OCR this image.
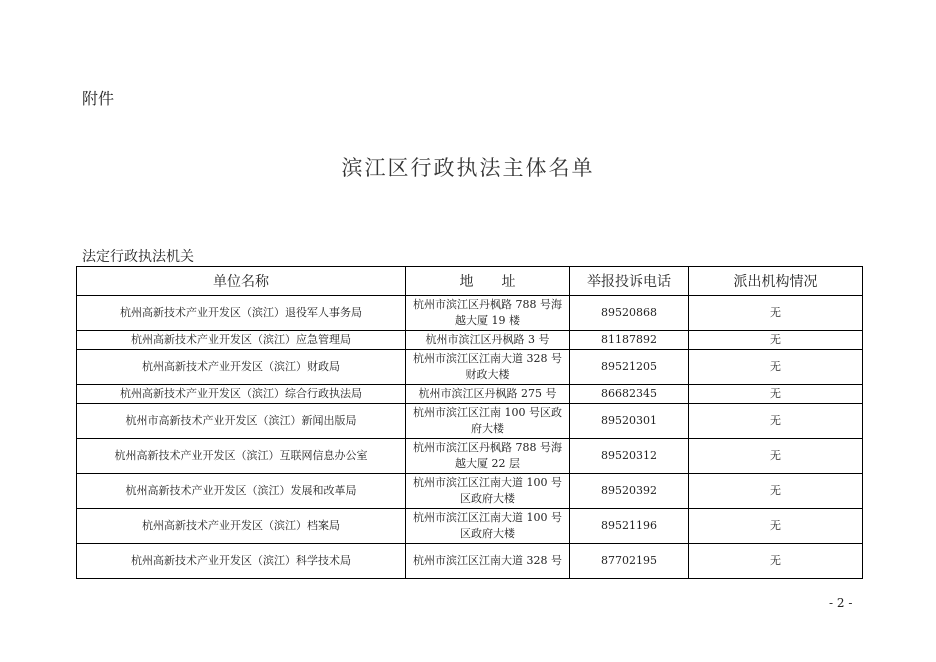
附件
滨江区行政执法主体名单
法定行政执法机关
单位名称	地　　址	举报投诉电话	派出机构情况
杭州高新技术产业开发区（滨江）退役军人事务局	杭州市滨江区丹枫路 788 号海越大厦 19 楼	89520868	无
杭州高新技术产业开发区（滨江）应急管理局	杭州市滨江区丹枫路 3 号	81187892	无
杭州高新技术产业开发区（滨江）财政局	杭州市滨江区江南大道 328 号财政大楼	89521205	无
杭州高新技术产业开发区（滨江）综合行政执法局	杭州市滨江区丹枫路 275 号	86682345	无
杭州市高新技术产业开发区（滨江）新闻出版局	杭州市滨江区江南 100 号区政府大楼	89520301	无
杭州高新技术产业开发区（滨江）互联网信息办公室	杭州市滨江区丹枫路 788 号海越大厦 22 层	89520312	无
杭州高新技术产业开发区（滨江）发展和改革局	杭州市滨江区江南大道 100 号区政府大楼	89520392	无
杭州高新技术产业开发区（滨江）档案局	杭州市滨江区江南大道 100 号区政府大楼	89521196	无
杭州高新技术产业开发区（滨江）科学技术局	杭州市滨江区江南大道 328 号	87702195	无
- 2 -
